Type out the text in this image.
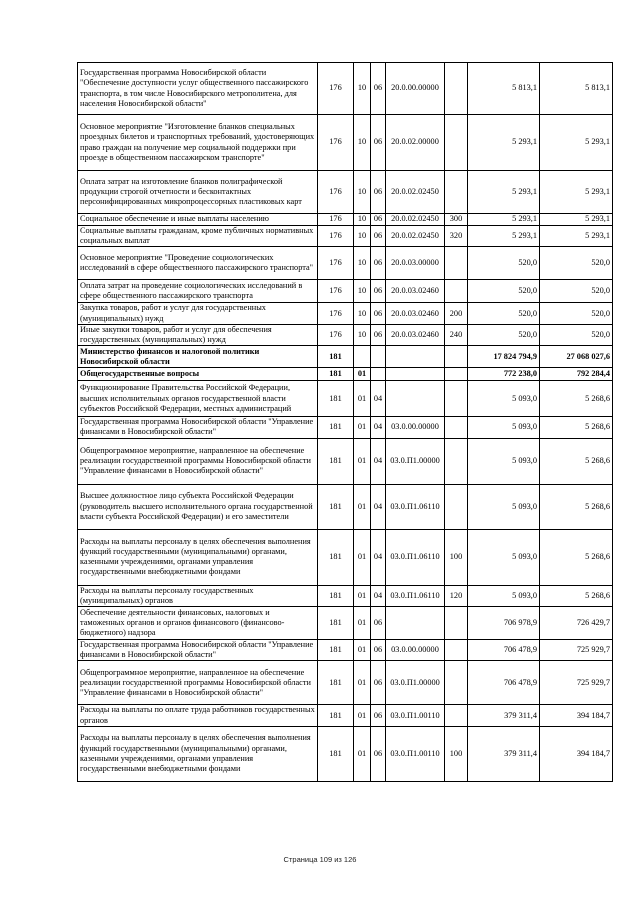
Государственная программа Новосибирской области "Обеспечение доступности услуг общественного пассажирского транспорта, в том числе Новосибирского метрополитена, для населения Новосибирской области"	176	10	06	20.0.00.00000		5 813,1	5 813,1
Основное мероприятие "Изготовление бланков специальных проездных билетов и транспортных требований, удостоверяющих право граждан на получение мер социальной поддержки при проезде в общественном пассажирском транспорте"	176	10	06	20.0.02.00000		5 293,1	5 293,1
Оплата затрат на изготовление бланков полиграфической продукции строгой отчетности и бесконтактных персонифицированных микропроцессорных пластиковых карт	176	10	06	20.0.02.02450		5 293,1	5 293,1
Социальное обеспечение и иные выплаты населению	176	10	06	20.0.02.02450	300	5 293,1	5 293,1
Социальные выплаты гражданам, кроме публичных нормативных социальных выплат	176	10	06	20.0.02.02450	320	5 293,1	5 293,1
Основное мероприятие "Проведение социологических исследований в сфере общественного пассажирского транспорта"	176	10	06	20.0.03.00000		520,0	520,0
Оплата затрат на проведение социологических исследований в сфере общественного пассажирского транспорта	176	10	06	20.0.03.02460		520,0	520,0
Закупка товаров, работ и услуг для государственных (муниципальных) нужд	176	10	06	20.0.03.02460	200	520,0	520,0
Иные закупки товаров, работ и услуг для обеспечения государственных (муниципальных) нужд	176	10	06	20.0.03.02460	240	520,0	520,0
Министерство финансов и налоговой политики Новосибирской области	181					17 824 794,9	27 068 027,6
Общегосударственные вопросы	181	01				772 238,0	792 284,4
Функционирование Правительства Российской Федерации, высших исполнительных органов государственной власти субъектов Российской Федерации, местных администраций	181	01	04			5 093,0	5 268,6
Государственная программа Новосибирской области "Управление финансами в Новосибирской области"	181	01	04	03.0.00.00000		5 093,0	5 268,6
Общепрограммное мероприятие, направленное на обеспечение реализации государственной программы Новосибирской области "Управление финансами в Новосибирской области"	181	01	04	03.0.П1.00000		5 093,0	5 268,6
Высшее должностное лицо субъекта Российской Федерации (руководитель высшего исполнительного органа государственной власти субъекта Российской Федерации) и его заместители	181	01	04	03.0.П1.06110		5 093,0	5 268,6
Расходы на выплаты персоналу в целях обеспечения выполнения функций государственными (муниципальными) органами, казенными учреждениями, органами управления государственными внебюджетными фондами	181	01	04	03.0.П1.06110	100	5 093,0	5 268,6
Расходы на выплаты персоналу государственных (муниципальных) органов	181	01	04	03.0.П1.06110	120	5 093,0	5 268,6
Обеспечение деятельности финансовых, налоговых и таможенных органов и органов финансового (финансово-бюджетного) надзора	181	01	06			706 978,9	726 429,7
Государственная программа Новосибирской области "Управление финансами в Новосибирской области"	181	01	06	03.0.00.00000		706 478,9	725 929,7
Общепрограммное мероприятие, направленное на обеспечение реализации государственной программы Новосибирской области "Управление финансами в Новосибирской области"	181	01	06	03.0.П1.00000		706 478,9	725 929,7
Расходы на выплаты по оплате труда работников государственных органов	181	01	06	03.0.П1.00110		379 311,4	394 184,7
Расходы на выплаты персоналу в целях обеспечения выполнения функций государственными (муниципальными) органами, казенными учреждениями, органами управления государственными внебюджетными фондами	181	01	06	03.0.П1.00110	100	379 311,4	394 184,7
Страница 109 из 126
